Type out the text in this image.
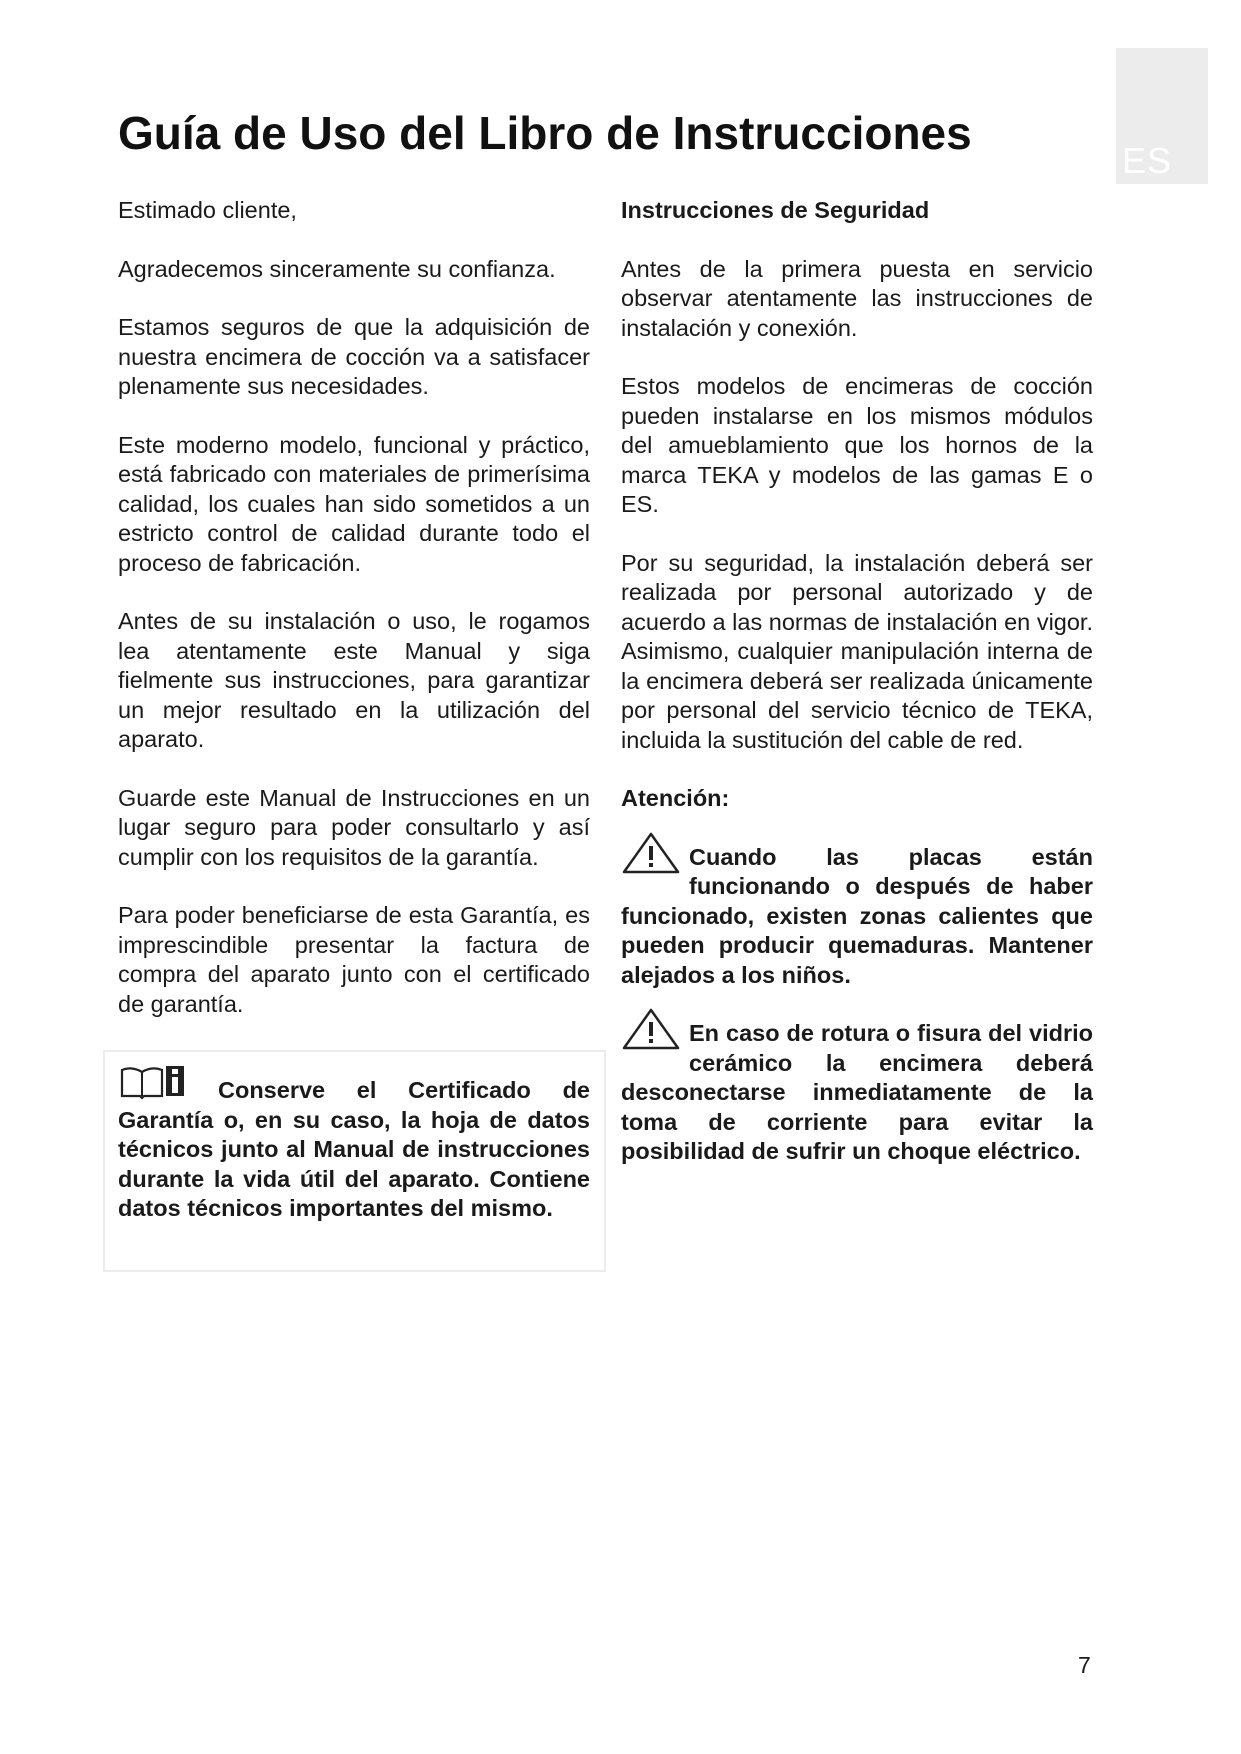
ES
Guía de Uso del Libro de Instrucciones

Estimado cliente,

Agradecemos sinceramente su confianza.

Estamos seguros de que la adquisición de nuestra encimera de cocción va a satisfacer plenamente sus necesidades.

Este moderno modelo, funcional y práctico, está fabricado con materiales de primerísima calidad, los cuales han sido sometidos a un estricto control de calidad durante todo el proceso de fabricación.

Antes de su instalación o uso, le rogamos lea atentamente este Manual y siga fielmente sus instrucciones, para garantizar un mejor resultado en la utilización del aparato.

Guarde este Manual de Instrucciones en un lugar seguro para poder consultarlo y así cumplir con los requisitos de la garantía.

Para poder beneficiarse de esta Garantía, es imprescindible presentar la factura de compra del aparato junto con el certificado de garantía.

Conserve el Certificado de Garantía o, en su caso, la hoja de datos técnicos junto al Manual de instrucciones durante la vida útil del aparato. Contiene datos técnicos importantes del mismo.

Instrucciones de Seguridad

Antes de la primera puesta en servicio observar atentamente las instrucciones de instalación y conexión.

Estos modelos de encimeras de cocción pueden instalarse en los mismos módulos del amueblamiento que los hornos de la marca TEKA y modelos de las gamas E o ES.

Por su seguridad, la instalación deberá ser realizada por personal autorizado y de acuerdo a las normas de instalación en vigor. Asimismo, cualquier manipulación interna de la encimera deberá ser realizada únicamente por personal del servicio técnico de TEKA, incluida la sustitución del cable de red.

Atención:

Cuando las placas están funcionando o después de haber funcionado, existen zonas calientes que pueden producir quemaduras. Mantener alejados a los niños.

En caso de rotura o fisura del vidrio cerámico la encimera deberá desconectarse inmediatamente de la toma de corriente para evitar la posibilidad de sufrir un choque eléctrico.

7
